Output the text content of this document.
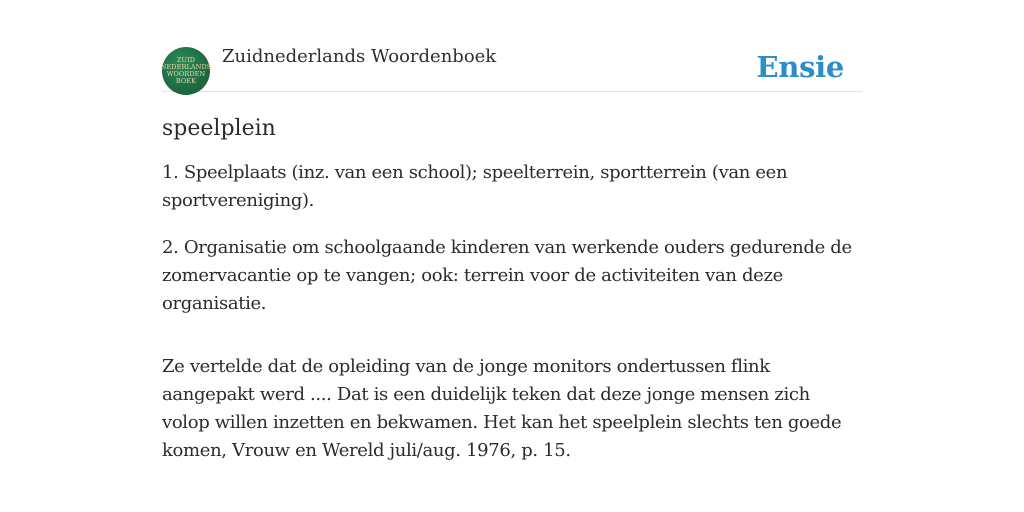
ZUID
NEDERLANDS
WOORDEN
BOEK
Zuidnederlands Woordenboek	Ensie
speelplein

1. Speelplaats (inz. van een school); speelterrein, sportterrein (van een sportvereniging).

2. Organisatie om schoolgaande kinderen van werkende ouders gedurende de zomervacantie op te vangen; ook: terrein voor de activiteiten van deze organisatie.

Ze vertelde dat de opleiding van de jonge monitors ondertussen flink aangepakt werd .... Dat is een duidelijk teken dat deze jonge mensen zich volop willen inzetten en bekwamen. Het kan het speelplein slechts ten goede komen, Vrouw en Wereld juli/aug. 1976, p. 15.
